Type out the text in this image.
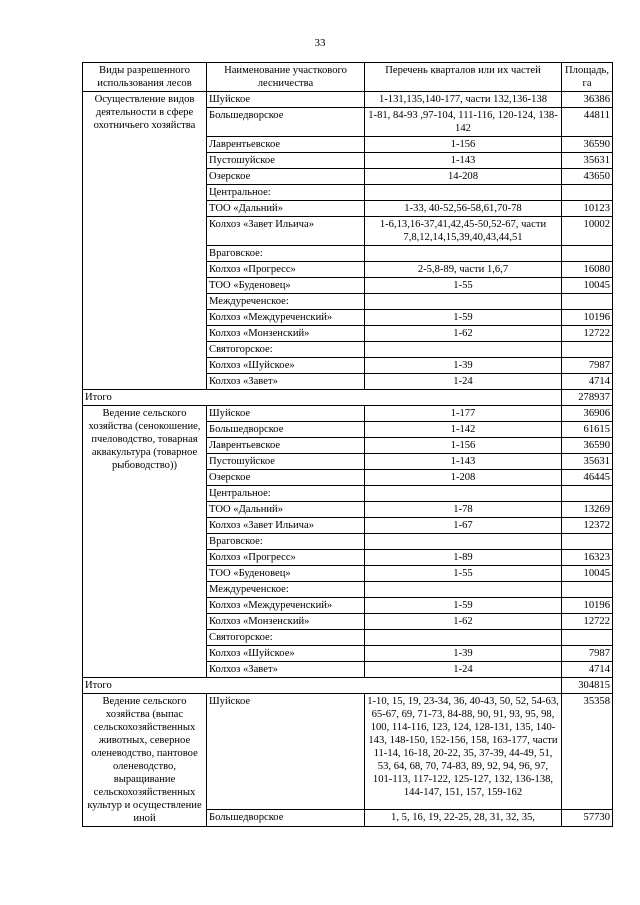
33
Виды разрешенного использования лесов	Наименование участкового лесничества	Перечень кварталов или их частей	Площадь, га
Осуществление видов деятельности в сфере охотничьего хозяйства	Шуйское	1-131,135,140-177, части 132,136-138	36386
	Большедворское	1-81, 84-93 ,97-104, 111-116, 120-124, 138-142	44811
	Лаврентьевское	1-156	36590
	Пустошуйское	1-143	35631
	Озерское	14-208	43650
	Центральное:		
	ТОО «Дальний»	1-33, 40-52,56-58,61,70-78	10123
	Колхоз «Завет Ильича»	1-6,13,16-37,41,42,45-50,52-67, части 7,8,12,14,15,39,40,43,44,51	10002
	Враговское:		
	Колхоз «Прогресс»	2-5,8-89, части 1,6,7	16080
	ТОО «Буденовец»	1-55	10045
	Междуреченское:		
	Колхоз «Междуреченский»	1-59	10196
	Колхоз «Монзенский»	1-62	12722
	Святогорское:		
	Колхоз «Шуйское»	1-39	7987
	Колхоз «Завет»	1-24	4714
Итого			278937
Ведение сельского хозяйства (сенокошение, пчеловодство, товарная аквакультура (товарное рыбоводство))	Шуйское	1-177	36906
	Большедворское	1-142	61615
	Лаврентьевское	1-156	36590
	Пустошуйское	1-143	35631
	Озерское	1-208	46445
	Центральное:		
	ТОО «Дальний»	1-78	13269
	Колхоз «Завет Ильича»	1-67	12372
	Враговское:		
	Колхоз «Прогресс»	1-89	16323
	ТОО «Буденовец»	1-55	10045
	Междуреченское:		
	Колхоз «Междуреченский»	1-59	10196
	Колхоз «Монзенский»	1-62	12722
	Святогорское:		
	Колхоз «Шуйское»	1-39	7987
	Колхоз «Завет»	1-24	4714
Итого			304815
Ведение сельского хозяйства (выпас сельскохозяйственных животных, северное оленеводство, пантовое оленеводство, выращивание сельскохозяйственных культур и осуществление иной	Шуйское	1-10, 15, 19, 23-34, 36, 40-43, 50, 52, 54-63, 65-67, 69, 71-73, 84-88, 90, 91, 93, 95, 98, 100, 114-116, 123, 124, 128-131, 135, 140-143, 148-150, 152-156, 158, 163-177, части 11-14, 16-18, 20-22, 35, 37-39, 44-49, 51, 53, 64, 68, 70, 74-83, 89, 92, 94, 96, 97, 101-113, 117-122, 125-127, 132, 136-138, 144-147, 151, 157, 159-162	35358
	Большедворское	1, 5, 16, 19, 22-25, 28, 31, 32, 35,	57730
